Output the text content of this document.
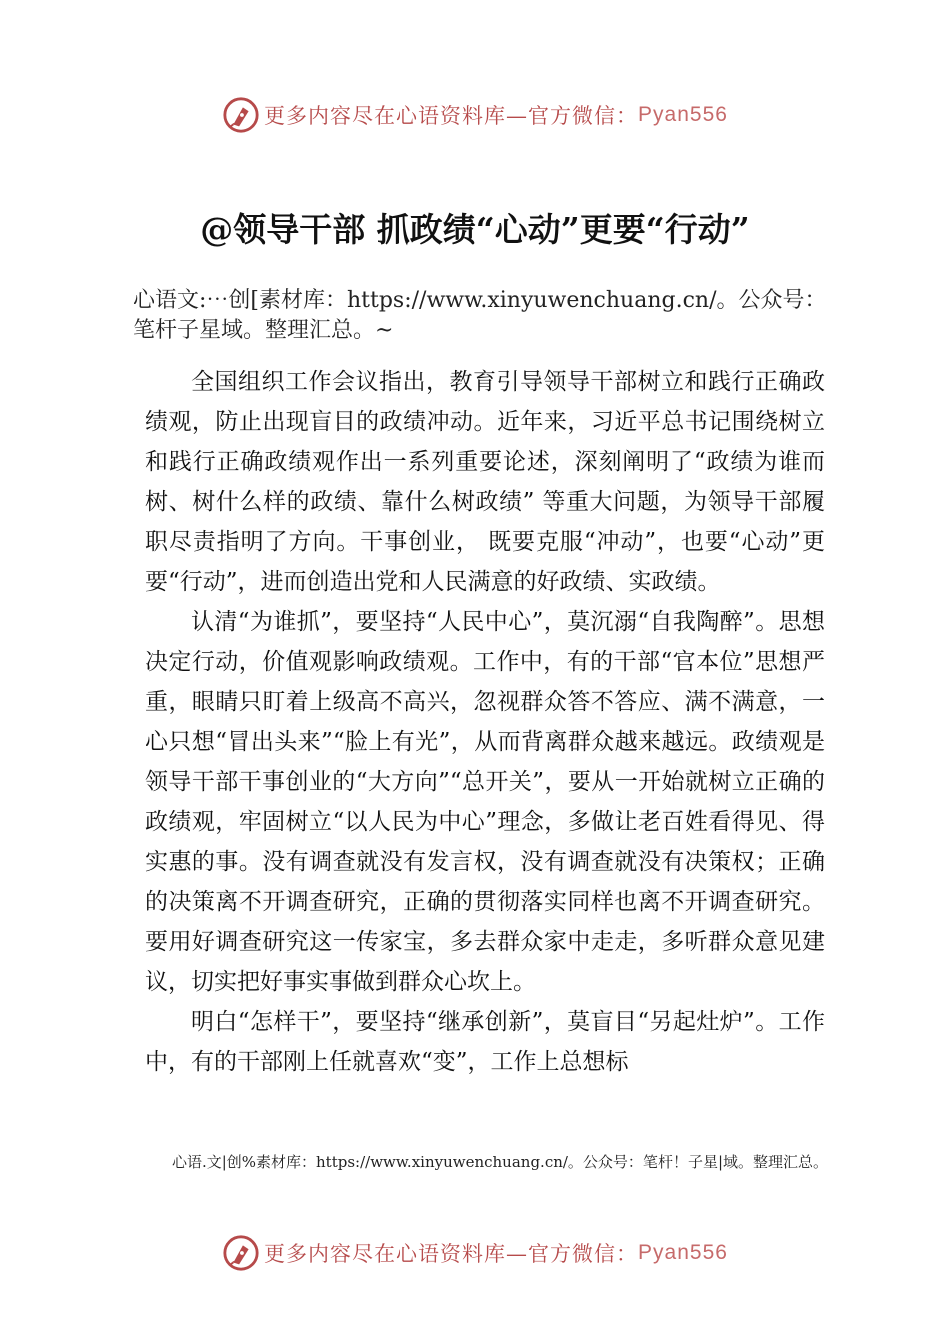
更多内容尽在心语资料库—官方微信： Pyan556
@领导干部 抓政绩“心动”更要“行动”

心语文:⋯创[素材库：https://www.xinyuwenchuang.cn/。公众号：笔杆子星域。整理汇总。~

全国组织工作会议指出，教育引导领导干部树立和践行正确政绩观，防止出现盲目的政绩冲动。近年来，习近平总书记围绕树立和践行正确政绩观作出一系列重要论述，深刻阐明了“政绩为谁而树、树什么样的政绩、靠什么树政绩” 等重大问题，为领导干部履职尽责指明了方向。干事创业， 既要克服“冲动”，也要“心动”更要“行动”，进而创造出党和人民满意的好政绩、实政绩。

认清“为谁抓”，要坚持“人民中心”，莫沉溺“自我陶醉”。思想决定行动，价值观影响政绩观。工作中，有的干部“官本位”思想严重，眼睛只盯着上级高不高兴，忽视群众答不答应、满不满意，一心只想“冒出头来”“脸上有光”，从而背离群众越来越远。政绩观是领导干部干事创业的“大方向”“总开关”，要从一开始就树立正确的政绩观，牢固树立“以人民为中心”理念，多做让老百姓看得见、得实惠的事。没有调查就没有发言权，没有调查就没有决策权；正确的决策离不开调查研究，正确的贯彻落实同样也离不开调查研究。要用好调查研究这一传家宝，多去群众家中走走，多听群众意见建议，切实把好事实事做到群众心坎上。

明白“怎样干”，要坚持“继承创新”，莫盲目“另起灶炉”。工作中，有的干部刚上任就喜欢“变”，工作上总想标

心语.文|创%素材库：https://www.xinyuwenchuang.cn/。公众号：笔杆！子星|域。整理汇总。
更多内容尽在心语资料库—官方微信： Pyan556
